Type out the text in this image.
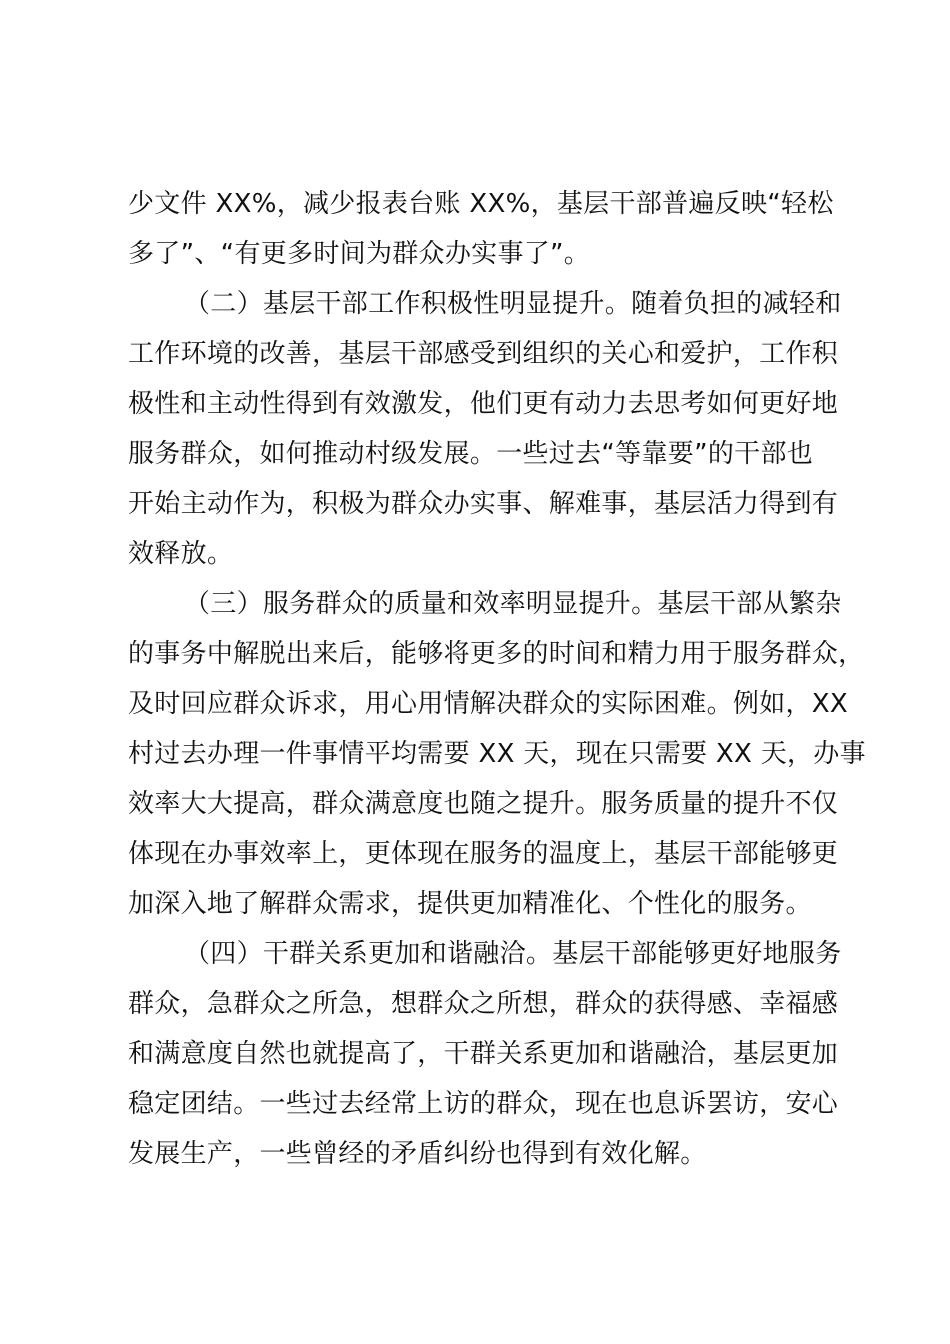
少文件 XX%，减少报表台账 XX%，基层干部普遍反映“轻松
多了”、“有更多时间为群众办实事了”。
（二）基层干部工作积极性明显提升。随着负担的减轻和
工作环境的改善，基层干部感受到组织的关心和爱护，工作积
极性和主动性得到有效激发，他们更有动力去思考如何更好地
服务群众，如何推动村级发展。一些过去“等靠要”的干部也
开始主动作为，积极为群众办实事、解难事，基层活力得到有
效释放。
（三）服务群众的质量和效率明显提升。基层干部从繁杂
的事务中解脱出来后，能够将更多的时间和精力用于服务群众，
及时回应群众诉求，用心用情解决群众的实际困难。例如，XX
村过去办理一件事情平均需要 XX 天，现在只需要 XX 天，办事
效率大大提高，群众满意度也随之提升。服务质量的提升不仅
体现在办事效率上，更体现在服务的温度上，基层干部能够更
加深入地了解群众需求，提供更加精准化、个性化的服务。
（四）干群关系更加和谐融洽。基层干部能够更好地服务
群众，急群众之所急，想群众之所想，群众的获得感、幸福感
和满意度自然也就提高了，干群关系更加和谐融洽，基层更加
稳定团结。一些过去经常上访的群众，现在也息诉罢访，安心
发展生产，一些曾经的矛盾纠纷也得到有效化解。
